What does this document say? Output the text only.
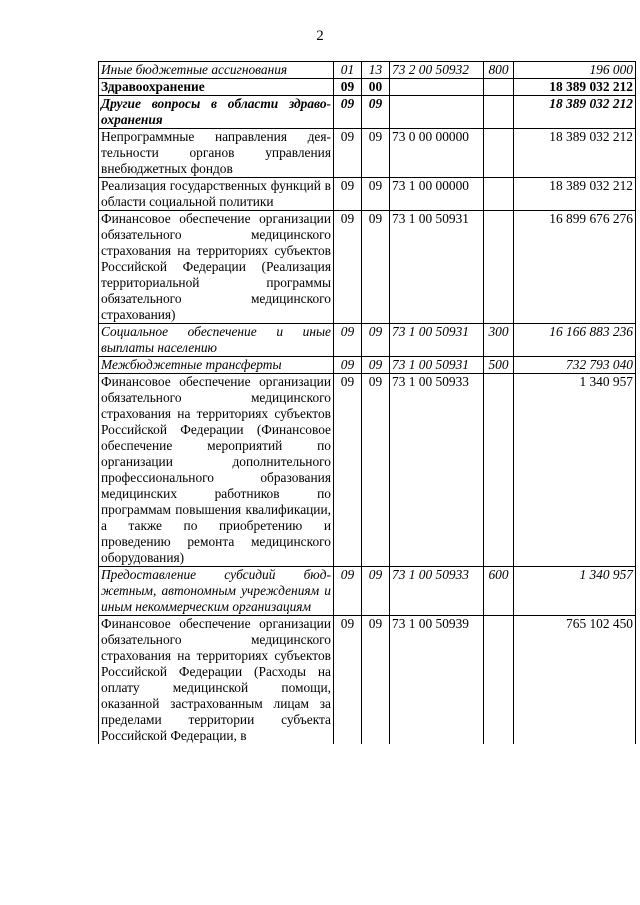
2
Иные бюджетные ассигнования	01	13	73 2 00 50932	800	196 000
Здравоохранение	09	00			18 389 032 212
Другие вопросы в области здравоохранения	09	09			18 389 032 212
Непрограммные направления деятельности органов управления внебюджетных фондов	09	09	73 0 00 00000		18 389 032 212
Реализация государственных функций в области социальной политики	09	09	73 1 00 00000		18 389 032 212
Финансовое обеспечение организации обязательного медицинского страхования на территориях субъектов Российской Федерации (Реализация территориальной программы обязательного медицинского страхования)	09	09	73 1 00 50931		16 899 676 276
Социальное обеспечение и иные выплаты населению	09	09	73 1 00 50931	300	16 166 883 236
Межбюджетные трансферты	09	09	73 1 00 50931	500	732 793 040
Финансовое обеспечение организации обязательного медицинского страхования на территориях субъектов Российской Федерации (Финансовое обеспечение мероприятий по организации дополнительного профессионального образования медицинских работников по программам повышения квалификации, а также по приобретению и проведению ремонта медицинского оборудования)	09	09	73 1 00 50933		1 340 957
Предоставление субсидий бюджетным, автономным учреждениям и иным некоммерческим организациям	09	09	73 1 00 50933	600	1 340 957
Финансовое обеспечение организации обязательного медицинского страхования на территориях субъектов Российской Федерации (Расходы на оплату медицинской помощи, оказанной застрахованным лицам за пределами территории субъекта Российской Федерации, в	09	09	73 1 00 50939		765 102 450
